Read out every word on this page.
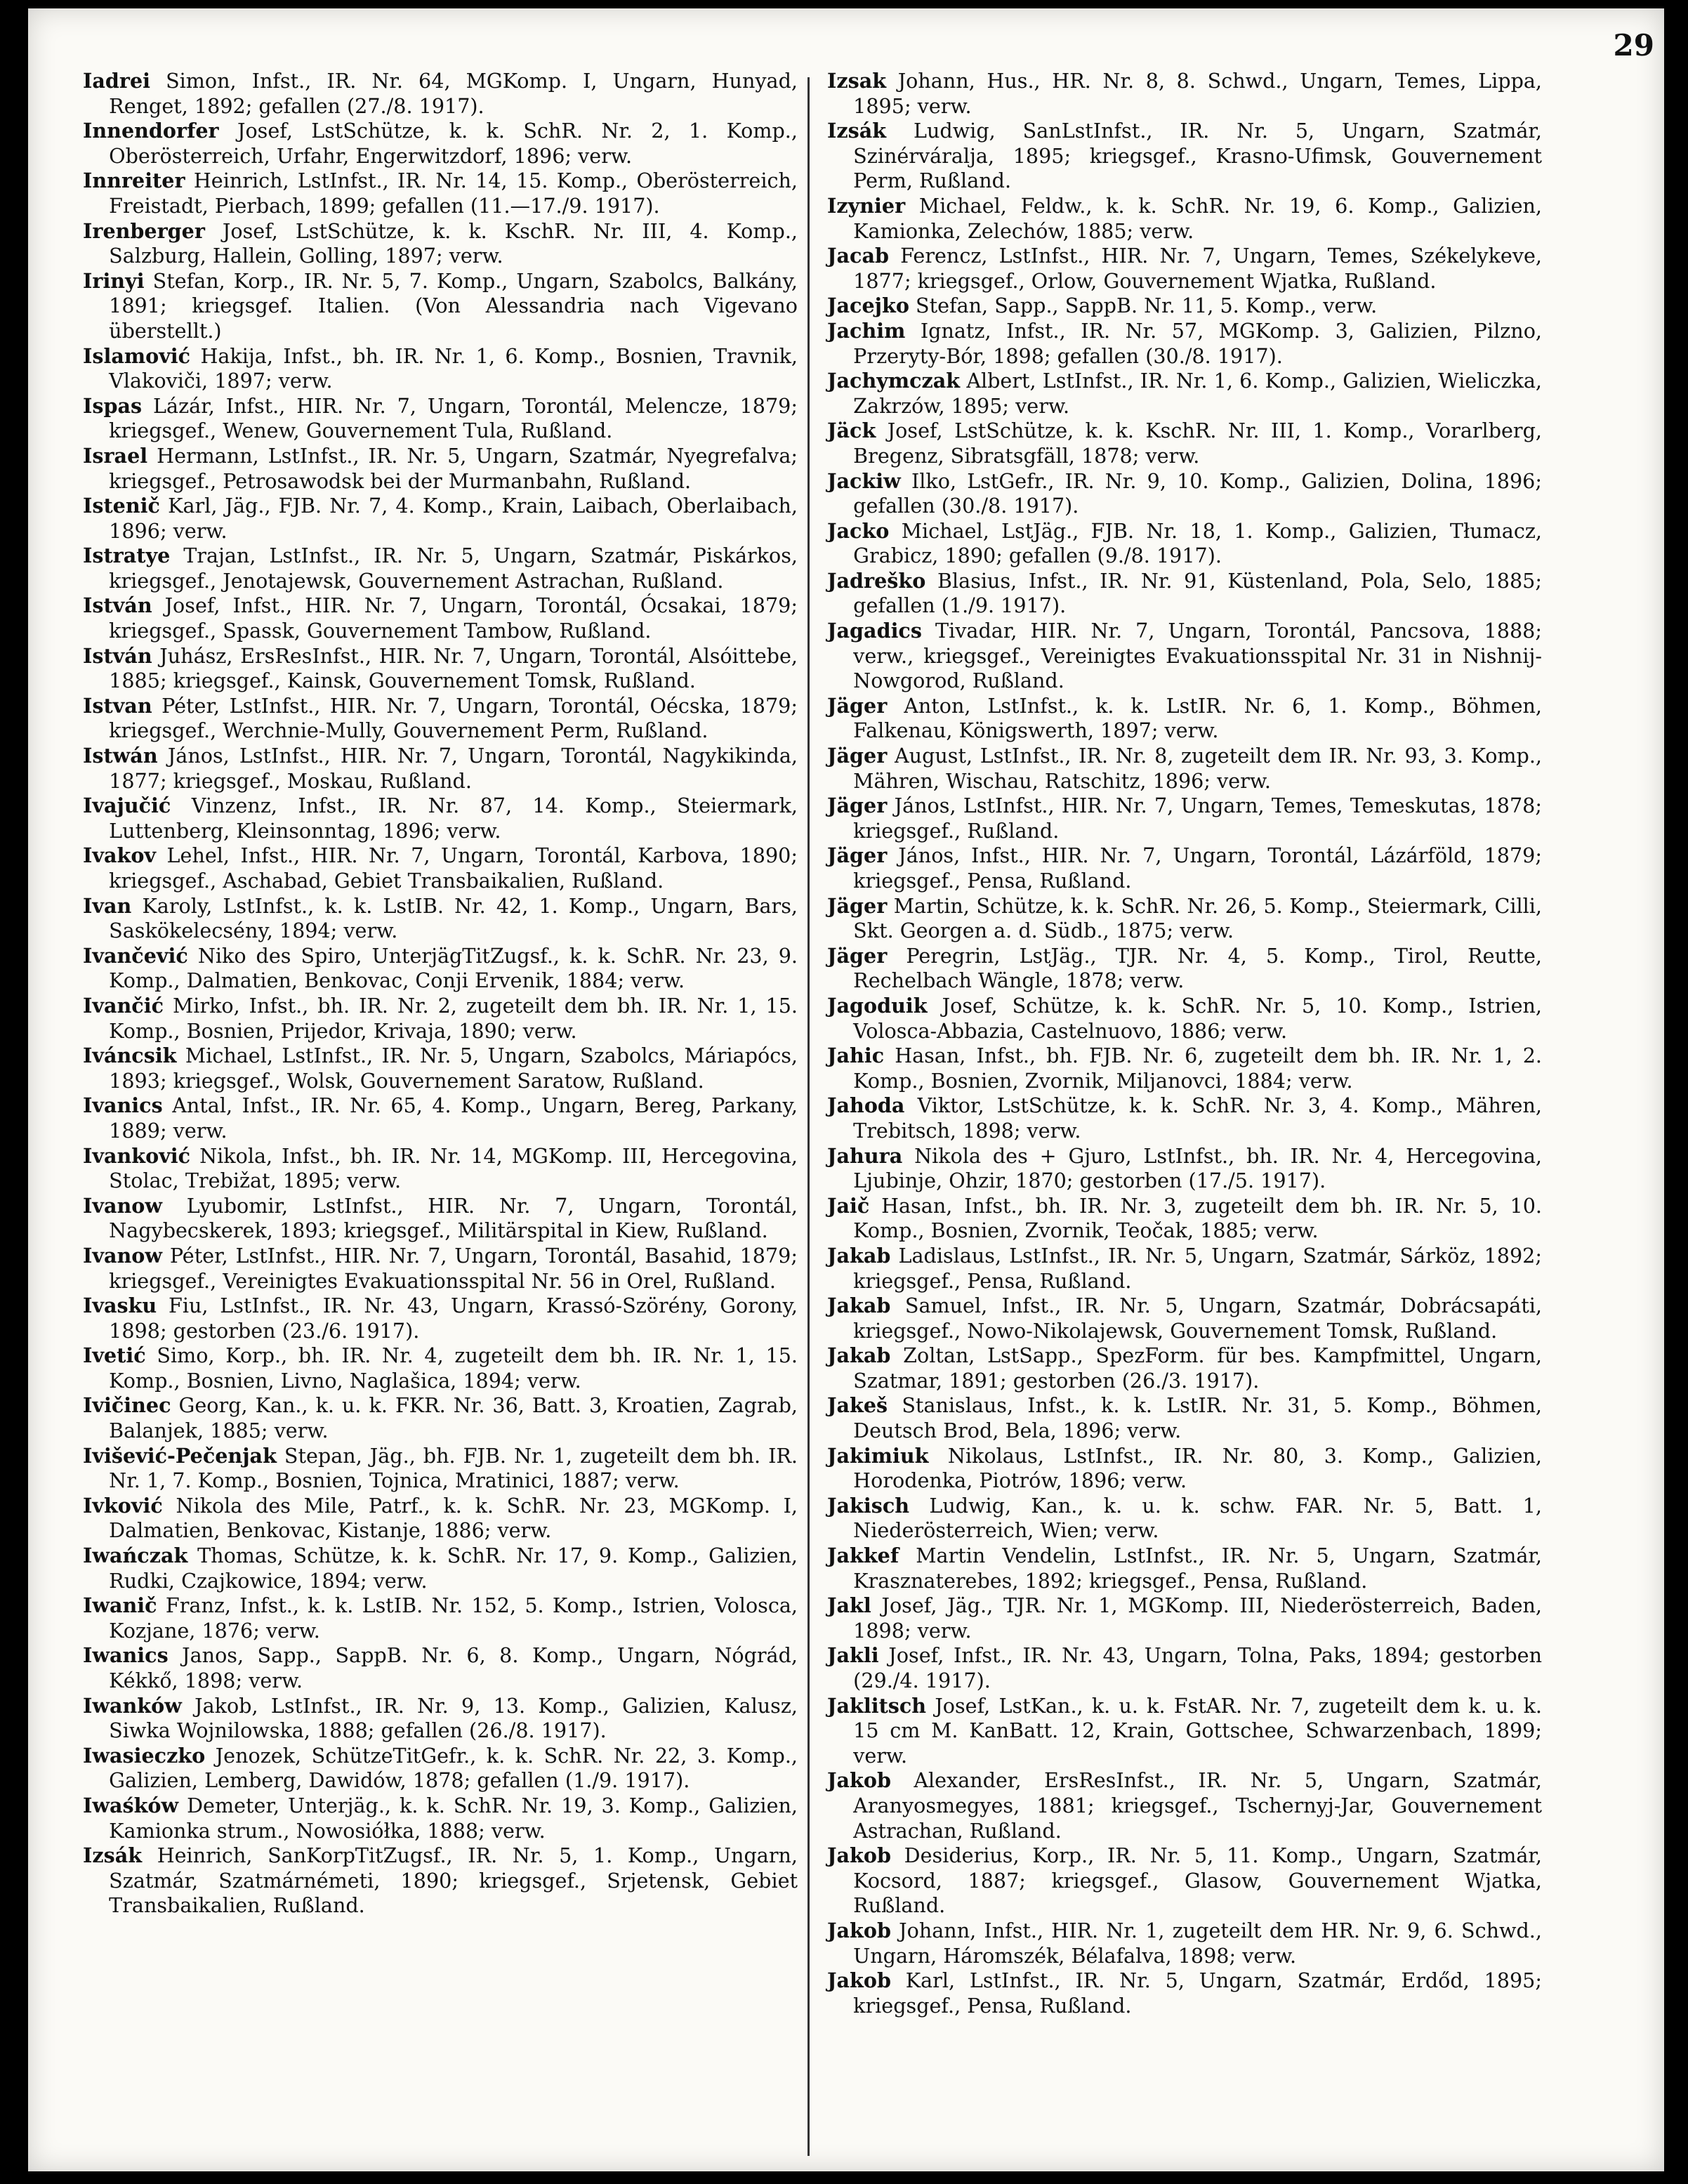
29

Iadrei Simon, Infst., IR. Nr. 64, MGKomp. I, Ungarn, Hunyad, Renget, 1892; gefallen (27./8. 1917).

Innendorfer Josef, LstSchütze, k. k. SchR. Nr. 2, 1. Komp., Oberösterreich, Urfahr, Engerwitzdorf, 1896; verw.

Innreiter Heinrich, LstInfst., IR. Nr. 14, 15. Komp., Oberösterreich, Freistadt, Pierbach, 1899; gefallen (11.—17./9. 1917).

Irenberger Josef, LstSchütze, k. k. KschR. Nr. III, 4. Komp., Salzburg, Hallein, Golling, 1897; verw.

Irinyi Stefan, Korp., IR. Nr. 5, 7. Komp., Ungarn, Szabolcs, Balkány, 1891; kriegsgef. Italien. (Von Alessandria nach Vigevano überstellt.)

Islamović Hakija, Infst., bh. IR. Nr. 1, 6. Komp., Bosnien, Travnik, Vlakoviči, 1897; verw.

Ispas Lázár, Infst., HIR. Nr. 7, Ungarn, Torontál, Melencze, 1879; kriegsgef., Wenew, Gouvernement Tula, Rußland.

Israel Hermann, LstInfst., IR. Nr. 5, Ungarn, Szatmár, Nyegrefalva; kriegsgef., Petrosawodsk bei der Murmanbahn, Rußland.

Istenič Karl, Jäg., FJB. Nr. 7, 4. Komp., Krain, Laibach, Oberlaibach, 1896; verw.

Istratye Trajan, LstInfst., IR. Nr. 5, Ungarn, Szatmár, Piskárkos, kriegsgef., Jenotajewsk, Gouvernement Astrachan, Rußland.

István Josef, Infst., HIR. Nr. 7, Ungarn, Torontál, Ócsakai, 1879; kriegsgef., Spassk, Gouvernement Tambow, Rußland.

István Juhász, ErsResInfst., HIR. Nr. 7, Ungarn, Torontál, Alsóittebe, 1885; kriegsgef., Kainsk, Gouvernement Tomsk, Rußland.

Istvan Péter, LstInfst., HIR. Nr. 7, Ungarn, Torontál, Oécska, 1879; kriegsgef., Werchnie-Mully, Gouvernement Perm, Rußland.

Istwán János, LstInfst., HIR. Nr. 7, Ungarn, Torontál, Nagykikinda, 1877; kriegsgef., Moskau, Rußland.

Ivajučić Vinzenz, Infst., IR. Nr. 87, 14. Komp., Steiermark, Luttenberg, Kleinsonntag, 1896; verw.

Ivakov Lehel, Infst., HIR. Nr. 7, Ungarn, Torontál, Karbova, 1890; kriegsgef., Aschabad, Gebiet Transbaikalien, Rußland.

Ivan Karoly, LstInfst., k. k. LstIB. Nr. 42, 1. Komp., Ungarn, Bars, Saskökelecsény, 1894; verw.

Ivančević Niko des Spiro, UnterjägTitZugsf., k. k. SchR. Nr. 23, 9. Komp., Dalmatien, Benkovac, Conji Ervenik, 1884; verw.

Ivančić Mirko, Infst., bh. IR. Nr. 2, zugeteilt dem bh. IR. Nr. 1, 15. Komp., Bosnien, Prijedor, Krivaja, 1890; verw.

Iváncsik Michael, LstInfst., IR. Nr. 5, Ungarn, Szabolcs, Máriapócs, 1893; kriegsgef., Wolsk, Gouvernement Saratow, Rußland.

Ivanics Antal, Infst., IR. Nr. 65, 4. Komp., Ungarn, Bereg, Parkany, 1889; verw.

Ivanković Nikola, Infst., bh. IR. Nr. 14, MGKomp. III, Hercegovina, Stolac, Trebižat, 1895; verw.

Ivanow Lyubomir, LstInfst., HIR. Nr. 7, Ungarn, Torontál, Nagybecskerek, 1893; kriegsgef., Militärspital in Kiew, Rußland.

Ivanow Péter, LstInfst., HIR. Nr. 7, Ungarn, Torontál, Basahid, 1879; kriegsgef., Vereinigtes Evakuationsspital Nr. 56 in Orel, Rußland.

Ivasku Fiu, LstInfst., IR. Nr. 43, Ungarn, Krassó-Szörény, Gorony, 1898; gestorben (23./6. 1917).

Ivetić Simo, Korp., bh. IR. Nr. 4, zugeteilt dem bh. IR. Nr. 1, 15. Komp., Bosnien, Livno, Naglašica, 1894; verw.

Ivičinec Georg, Kan., k. u. k. FKR. Nr. 36, Batt. 3, Kroatien, Zagrab, Balanjek, 1885; verw.

Ivišević-Pečenjak Stepan, Jäg., bh. FJB. Nr. 1, zugeteilt dem bh. IR. Nr. 1, 7. Komp., Bosnien, Tojnica, Mratinici, 1887; verw.

Ivković Nikola des Mile, Patrf., k. k. SchR. Nr. 23, MGKomp. I, Dalmatien, Benkovac, Kistanje, 1886; verw.

Iwańczak Thomas, Schütze, k. k. SchR. Nr. 17, 9. Komp., Galizien, Rudki, Czajkowice, 1894; verw.

Iwanič Franz, Infst., k. k. LstIB. Nr. 152, 5. Komp., Istrien, Volosca, Kozjane, 1876; verw.

Iwanics Janos, Sapp., SappB. Nr. 6, 8. Komp., Ungarn, Nógrád, Kékkő, 1898; verw.

Iwanków Jakob, LstInfst., IR. Nr. 9, 13. Komp., Galizien, Kalusz, Siwka Wojnilowska, 1888; gefallen (26./8. 1917).

Iwasieczko Jenozek, SchützeTitGefr., k. k. SchR. Nr. 22, 3. Komp., Galizien, Lemberg, Dawidów, 1878; gefallen (1./9. 1917).

Iwaśków Demeter, Unterjäg., k. k. SchR. Nr. 19, 3. Komp., Galizien, Kamionka strum., Nowosiółka, 1888; verw.

Izsák Heinrich, SanKorpTitZugsf., IR. Nr. 5, 1. Komp., Ungarn, Szatmár, Szatmárnémeti, 1890; kriegsgef., Srjetensk, Gebiet Transbaikalien, Rußland.

Izsak Johann, Hus., HR. Nr. 8, 8. Schwd., Ungarn, Temes, Lippa, 1895; verw.

Izsák Ludwig, SanLstInfst., IR. Nr. 5, Ungarn, Szatmár, Szinérváralja, 1895; kriegsgef., Krasno-Ufimsk, Gouvernement Perm, Rußland.

Izynier Michael, Feldw., k. k. SchR. Nr. 19, 6. Komp., Galizien, Kamionka, Zelechów, 1885; verw.

Jacab Ferencz, LstInfst., HIR. Nr. 7, Ungarn, Temes, Székelykeve, 1877; kriegsgef., Orlow, Gouvernement Wjatka, Rußland.

Jacejko Stefan, Sapp., SappB. Nr. 11, 5. Komp., verw.

Jachim Ignatz, Infst., IR. Nr. 57, MGKomp. 3, Galizien, Pilzno, Przeryty-Bór, 1898; gefallen (30./8. 1917).

Jachymczak Albert, LstInfst., IR. Nr. 1, 6. Komp., Galizien, Wieliczka, Zakrzów, 1895; verw.

Jäck Josef, LstSchütze, k. k. KschR. Nr. III, 1. Komp., Vorarlberg, Bregenz, Sibratsgfäll, 1878; verw.

Jackiw Ilko, LstGefr., IR. Nr. 9, 10. Komp., Galizien, Dolina, 1896; gefallen (30./8. 1917).

Jacko Michael, LstJäg., FJB. Nr. 18, 1. Komp., Galizien, Tłumacz, Grabicz, 1890; gefallen (9./8. 1917).

Jadreško Blasius, Infst., IR. Nr. 91, Küstenland, Pola, Selo, 1885; gefallen (1./9. 1917).

Jagadics Tivadar, HIR. Nr. 7, Ungarn, Torontál, Pancsova, 1888; verw., kriegsgef., Vereinigtes Evakuationsspital Nr. 31 in Nishnij-Nowgorod, Rußland.

Jäger Anton, LstInfst., k. k. LstIR. Nr. 6, 1. Komp., Böhmen, Falkenau, Königswerth, 1897; verw.

Jäger August, LstInfst., IR. Nr. 8, zugeteilt dem IR. Nr. 93, 3. Komp., Mähren, Wischau, Ratschitz, 1896; verw.

Jäger János, LstInfst., HIR. Nr. 7, Ungarn, Temes, Temeskutas, 1878; kriegsgef., Rußland.

Jäger János, Infst., HIR. Nr. 7, Ungarn, Torontál, Lázárföld, 1879; kriegsgef., Pensa, Rußland.

Jäger Martin, Schütze, k. k. SchR. Nr. 26, 5. Komp., Steiermark, Cilli, Skt. Georgen a. d. Südb., 1875; verw.

Jäger Peregrin, LstJäg., TJR. Nr. 4, 5. Komp., Tirol, Reutte, Rechelbach Wängle, 1878; verw.

Jagoduik Josef, Schütze, k. k. SchR. Nr. 5, 10. Komp., Istrien, Volosca-Abbazia, Castelnuovo, 1886; verw.

Jahic Hasan, Infst., bh. FJB. Nr. 6, zugeteilt dem bh. IR. Nr. 1, 2. Komp., Bosnien, Zvornik, Miljanovci, 1884; verw.

Jahoda Viktor, LstSchütze, k. k. SchR. Nr. 3, 4. Komp., Mähren, Trebitsch, 1898; verw.

Jahura Nikola des + Gjuro, LstInfst., bh. IR. Nr. 4, Hercegovina, Ljubinje, Ohzir, 1870; gestorben (17./5. 1917).

Jaič Hasan, Infst., bh. IR. Nr. 3, zugeteilt dem bh. IR. Nr. 5, 10. Komp., Bosnien, Zvornik, Teočak, 1885; verw.

Jakab Ladislaus, LstInfst., IR. Nr. 5, Ungarn, Szatmár, Sárköz, 1892; kriegsgef., Pensa, Rußland.

Jakab Samuel, Infst., IR. Nr. 5, Ungarn, Szatmár, Dobrácsapáti, kriegsgef., Nowo-Nikolajewsk, Gouvernement Tomsk, Rußland.

Jakab Zoltan, LstSapp., SpezForm. für bes. Kampfmittel, Ungarn, Szatmar, 1891; gestorben (26./3. 1917).

Jakeš Stanislaus, Infst., k. k. LstIR. Nr. 31, 5. Komp., Böhmen, Deutsch Brod, Bela, 1896; verw.

Jakimiuk Nikolaus, LstInfst., IR. Nr. 80, 3. Komp., Galizien, Horodenka, Piotrów, 1896; verw.

Jakisch Ludwig, Kan., k. u. k. schw. FAR. Nr. 5, Batt. 1, Niederösterreich, Wien; verw.

Jakkef Martin Vendelin, LstInfst., IR. Nr. 5, Ungarn, Szatmár, Krasznaterebes, 1892; kriegsgef., Pensa, Rußland.

Jakl Josef, Jäg., TJR. Nr. 1, MGKomp. III, Niederösterreich, Baden, 1898; verw.

Jakli Josef, Infst., IR. Nr. 43, Ungarn, Tolna, Paks, 1894; gestorben (29./4. 1917).

Jaklitsch Josef, LstKan., k. u. k. FstAR. Nr. 7, zugeteilt dem k. u. k. 15 cm M. KanBatt. 12, Krain, Gottschee, Schwarzenbach, 1899; verw.

Jakob Alexander, ErsResInfst., IR. Nr. 5, Ungarn, Szatmár, Aranyosmegyes, 1881; kriegsgef., Tschernyj-Jar, Gouvernement Astrachan, Rußland.

Jakob Desiderius, Korp., IR. Nr. 5, 11. Komp., Ungarn, Szatmár, Kocsord, 1887; kriegsgef., Glasow, Gouvernement Wjatka, Rußland.

Jakob Johann, Infst., HIR. Nr. 1, zugeteilt dem HR. Nr. 9, 6. Schwd., Ungarn, Háromszék, Bélafalva, 1898; verw.

Jakob Karl, LstInfst., IR. Nr. 5, Ungarn, Szatmár, Erdőd, 1895; kriegsgef., Pensa, Rußland.
